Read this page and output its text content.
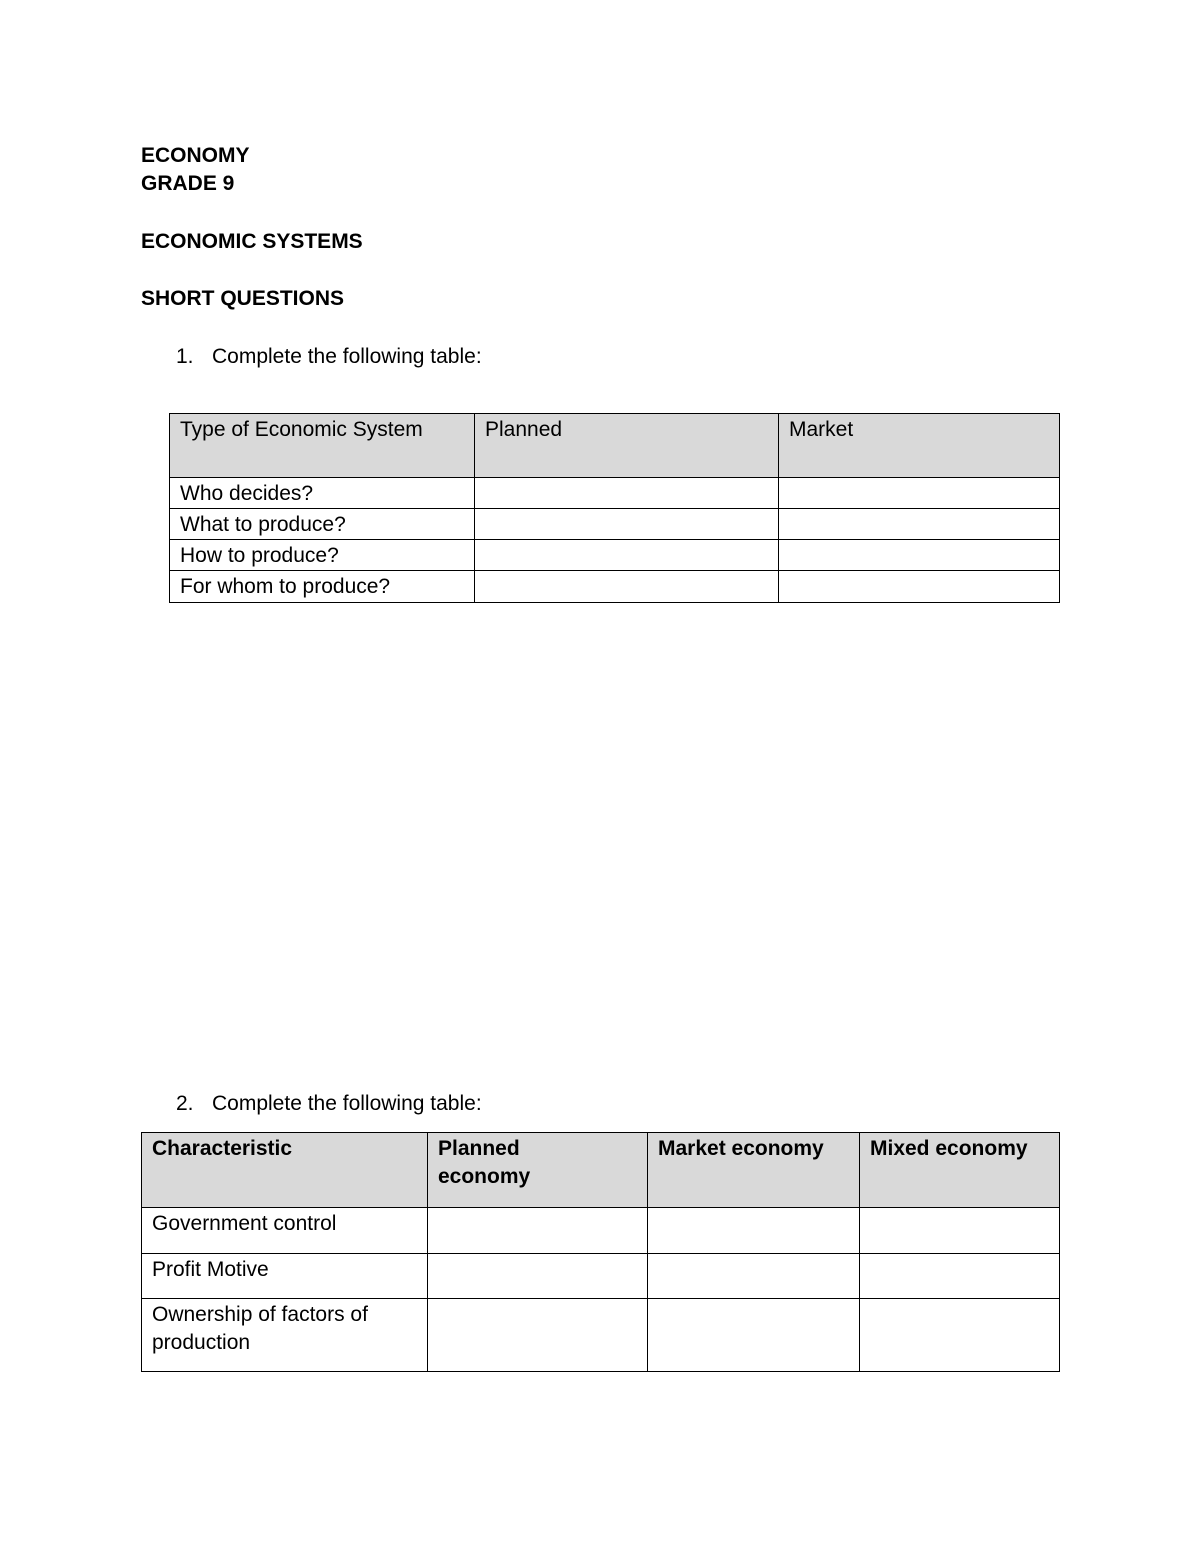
ECONOMY
GRADE 9
ECONOMIC SYSTEMS
SHORT QUESTIONS
1. Complete the following table:
Type of Economic System	Planned	Market
Who decides?		
What to produce?		
How to produce?		
For whom to produce?		
2. Complete the following table:
Characteristic	Planned economy	Market economy	Mixed economy
Government control			
Profit Motive			
Ownership of factors of production			
